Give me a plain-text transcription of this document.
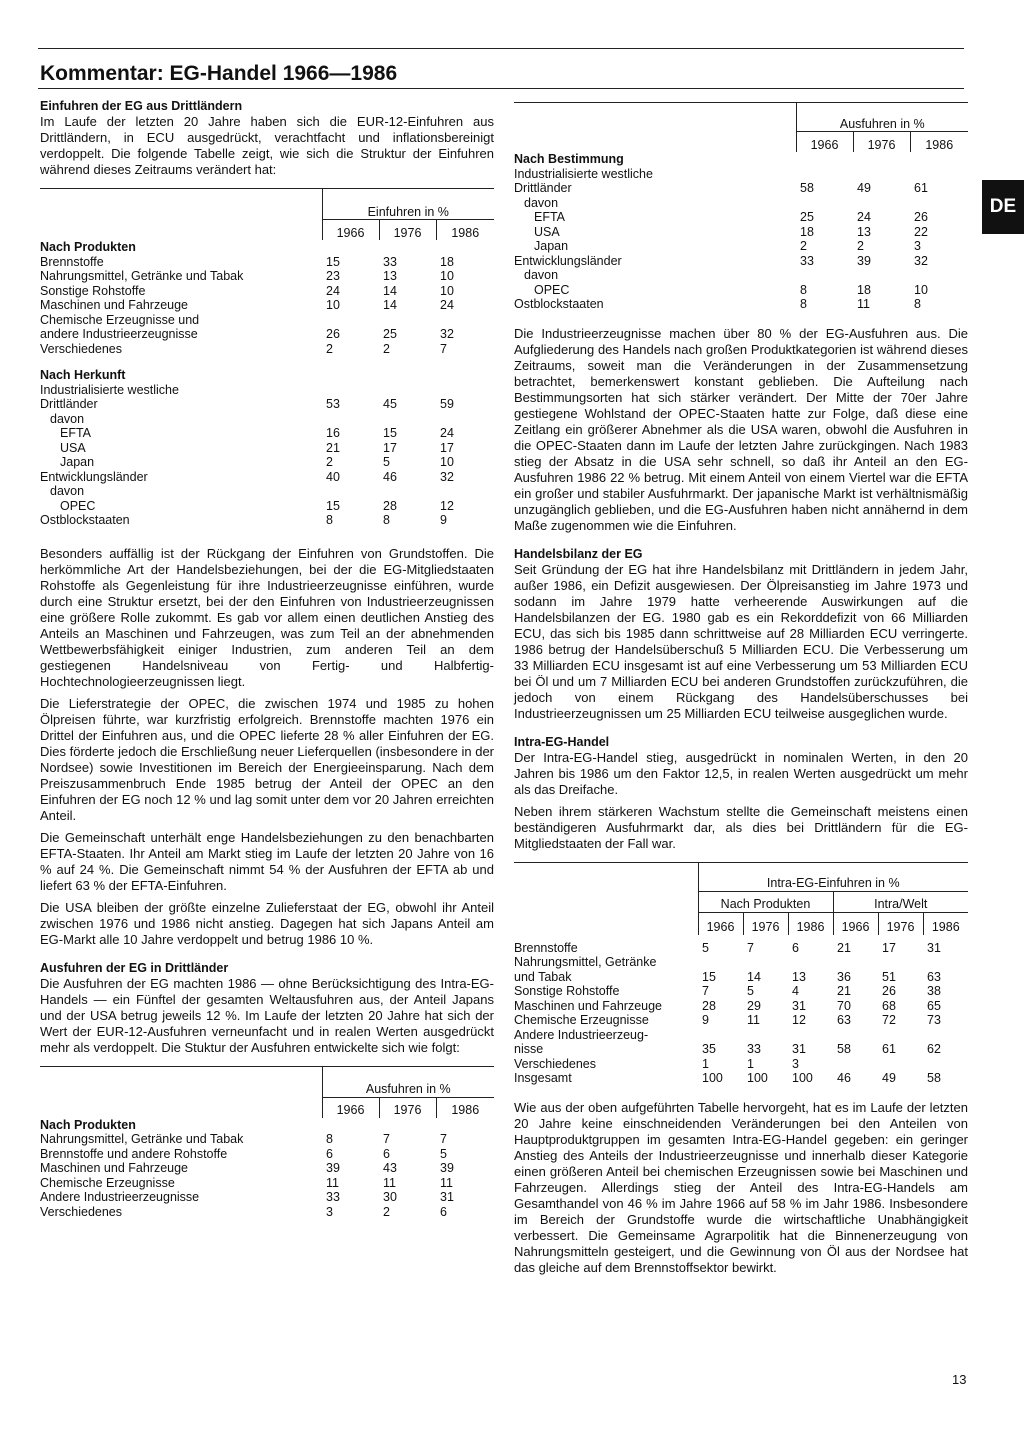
Kommentar: EG-Handel 1966—1986
DE
Einfuhren der EG aus Drittländern

Im Laufe der letzten 20 Jahre haben sich die EUR-12-Einfuhren aus Drittländern, in ECU ausgedrückt, verachtfacht und inflationsbereinigt verdoppelt. Die folgende Tabelle zeigt, wie sich die Struktur der Einfuhren während dieses Zeitraums verändert hat:

	Einfuhren in %		
	1966	1976	1986
Nach Produkten			
Brennstoffe	15	33	18
Nahrungsmittel, Getränke und Tabak	23	13	10
Sonstige Rohstoffe	24	14	10
Maschinen und Fahrzeuge	10	14	24
Chemische Erzeugnisse und			
andere Industrieerzeugnisse	26	25	32
Verschiedenes	2	2	7
Nach Herkunft			
Industrialisierte westliche			
Drittländer	53	45	59
davon			
EFTA	16	15	24
USA	21	17	17
Japan	2	5	10
Entwicklungsländer	40	46	32
davon			
OPEC	15	28	12
Ostblockstaaten	8	8	9

Besonders auffällig ist der Rückgang der Einfuhren von Grundstoffen. Die herkömmliche Art der Handelsbeziehungen, bei der die EG-Mitgliedstaaten Rohstoffe als Gegenleistung für ihre Industrieerzeugnisse einführen, wurde durch eine Struktur ersetzt, bei der den Einfuhren von Industrieerzeugnissen eine größere Rolle zukommt. Es gab vor allem einen deutlichen Anstieg des Anteils an Maschinen und Fahrzeugen, was zum Teil an der abnehmenden Wettbewerbsfähigkeit einiger Industrien, zum anderen Teil an dem gestiegenen Handelsniveau von Fertig- und Halbfertig-Hochtechnologieerzeugnissen liegt.

Die Lieferstrategie der OPEC, die zwischen 1974 und 1985 zu hohen Ölpreisen führte, war kurzfristig erfolgreich. Brennstoffe machten 1976 ein Drittel der Einfuhren aus, und die OPEC lieferte 28 % aller Einfuhren der EG. Dies förderte jedoch die Erschließung neuer Lieferquellen (insbesondere in der Nordsee) sowie Investitionen im Bereich der Energieeinsparung. Nach dem Preiszusammenbruch Ende 1985 betrug der Anteil der OPEC an den Einfuhren der EG noch 12 % und lag somit unter dem vor 20 Jahren erreichten Anteil.

Die Gemeinschaft unterhält enge Handelsbeziehungen zu den benachbarten EFTA-Staaten. Ihr Anteil am Markt stieg im Laufe der letzten 20 Jahre von 16 % auf 24 %. Die Gemeinschaft nimmt 54 % der Ausfuhren der EFTA ab und liefert 63 % der EFTA-Einfuhren.

Die USA bleiben der größte einzelne Zulieferstaat der EG, obwohl ihr Anteil zwischen 1976 und 1986 nicht anstieg. Dagegen hat sich Japans Anteil am EG-Markt alle 10 Jahre verdoppelt und betrug 1986 10 %.

Ausfuhren der EG in Drittländer

Die Ausfuhren der EG machten 1986 — ohne Berücksichtigung des Intra-EG-Handels — ein Fünftel der gesamten Weltausfuhren aus, der Anteil Japans und der USA betrug jeweils 12 %. Im Laufe der letzten 20 Jahre hat sich der Wert der EUR-12-Ausfuhren verneunfacht und in realen Werten ausgedrückt mehr als verdoppelt. Die Stuktur der Ausfuhren entwickelte sich wie folgt:

	Ausfuhren in %		
	1966	1976	1986
Nach Produkten			
Nahrungsmittel, Getränke und Tabak	8	7	7
Brennstoffe und andere Rohstoffe	6	6	5
Maschinen und Fahrzeuge	39	43	39
Chemische Erzeugnisse	11	11	11
Andere Industrieerzeugnisse	33	30	31
Verschiedenes	3	2	6
	Ausfuhren in %		
	1966	1976	1986
Nach Bestimmung			
Industrialisierte westliche			
Drittländer	58	49	61
davon			
EFTA	25	24	26
USA	18	13	22
Japan	2	2	3
Entwicklungsländer	33	39	32
davon			
OPEC	8	18	10
Ostblockstaaten	8	11	8

Die Industrieerzeugnisse machen über 80 % der EG-Ausfuhren aus. Die Aufgliederung des Handels nach großen Produktkategorien ist während dieses Zeitraums, soweit man die Veränderungen in der Zusammensetzung betrachtet, bemerkenswert konstant geblieben. Die Aufteilung nach Bestimmungsorten hat sich stärker verändert. Der Mitte der 70er Jahre gestiegene Wohlstand der OPEC-Staaten hatte zur Folge, daß diese eine Zeitlang ein größerer Abnehmer als die USA waren, obwohl die Ausfuhren in die OPEC-Staaten dann im Laufe der letzten Jahre zurückgingen. Nach 1983 stieg der Absatz in die USA sehr schnell, so daß ihr Anteil an den EG-Ausfuhren 1986 22 % betrug. Mit einem Anteil von einem Viertel war die EFTA ein großer und stabiler Ausfuhrmarkt. Der japanische Markt ist verhältnismäßig unzugänglich geblieben, und die EG-Ausfuhren haben nicht annähernd in dem Maße zugenommen wie die Einfuhren.

Handelsbilanz der EG

Seit Gründung der EG hat ihre Handelsbilanz mit Drittländern in jedem Jahr, außer 1986, ein Defizit ausgewiesen. Der Ölpreisanstieg im Jahre 1973 und sodann im Jahre 1979 hatte verheerende Auswirkungen auf die Handelsbilanzen der EG. 1980 gab es ein Rekorddefizit von 66 Milliarden ECU, das sich bis 1985 dann schrittweise auf 28 Milliarden ECU verringerte. 1986 betrug der Handelsüberschuß 5 Milliarden ECU. Die Verbesserung um 33 Milliarden ECU insgesamt ist auf eine Verbesserung um 53 Milliarden ECU bei Öl und um 7 Milliarden ECU bei anderen Grundstoffen zurückzuführen, die jedoch von einem Rückgang des Handelsüberschusses bei Industrieerzeugnissen um 25 Milliarden ECU teilweise ausgeglichen wurde.

Intra-EG-Handel

Der Intra-EG-Handel stieg, ausgedrückt in nominalen Werten, in den 20 Jahren bis 1986 um den Faktor 12,5, in realen Werten ausgedrückt um mehr als das Dreifache.

Neben ihrem stärkeren Wachstum stellte die Gemeinschaft meistens einen beständigeren Ausfuhrmarkt dar, als dies bei Drittländern für die EG-Mitgliedstaaten der Fall war.

	Intra-EG-Einfuhren in %					
	Nach Produkten			Intra/Welt		
	1966	1976	1986	1966	1976	1986

Brennstoffe	5	7	6	21	17	31
Nahrungsmittel, Getränke						
und Tabak	15	14	13	36	51	63
Sonstige Rohstoffe	7	5	4	21	26	38
Maschinen und Fahrzeuge	28	29	31	70	68	65
Chemische Erzeugnisse	9	11	12	63	72	73
Andere Industrieerzeug-						
nisse	35	33	31	58	61	62
Verschiedenes	1	1	3			
Insgesamt	100	100	100	46	49	58

Wie aus der oben aufgeführten Tabelle hervorgeht, hat es im Laufe der letzten 20 Jahre keine einschneidenden Veränderungen bei den Anteilen von Hauptproduktgruppen im gesamten Intra-EG-Handel gegeben: ein geringer Anstieg des Anteils der Industrieerzeugnisse und innerhalb dieser Kategorie einen größeren Anteil bei chemischen Erzeugnissen sowie bei Maschinen und Fahrzeugen. Allerdings stieg der Anteil des Intra-EG-Handels am Gesamthandel von 46 % im Jahre 1966 auf 58 % im Jahr 1986. Insbesondere im Bereich der Grundstoffe wurde die wirtschaftliche Unabhängigkeit verbessert. Die Gemeinsame Agrarpolitik hat die Binnenerzeugung von Nahrungsmitteln gesteigert, und die Gewinnung von Öl aus der Nordsee hat das gleiche auf dem Brennstoffsektor bewirkt.

13
